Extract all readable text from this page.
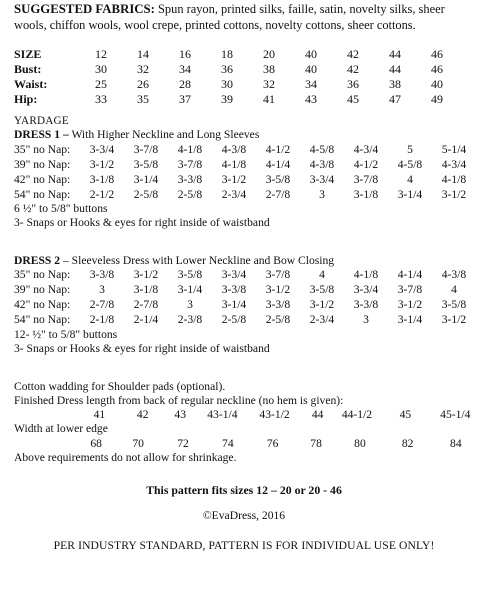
SUGGESTED FABRICS: Spun rayon, printed silks, faille, satin, novelty silks, sheer wools, chiffon wools, wool crepe, printed cottons, novelty cottons, sheer cottons.

SIZE	12	14	16	18	20	40	42	44	46
Bust:	30	32	34	36	38	40	42	44	46
Waist:	25	26	28	30	32	34	36	38	40
Hip:	33	35	37	39	41	43	45	47	49
YARDAGE
DRESS 1 – With Higher Neckline and Long Sleeves
35" no Nap:	3-3/4	3-7/8	4-1/8	4-3/8	4-1/2	4-5/8	4-3/4	5	5-1/4
39" no Nap:	3-1/2	3-5/8	3-7/8	4-1/8	4-1/4	4-3/8	4-1/2	4-5/8	4-3/4
42" no Nap:	3-1/8	3-1/4	3-3/8	3-1/2	3-5/8	3-3/4	3-7/8	4	4-1/8
54" no Nap:	2-1/2	2-5/8	2-5/8	2-3/4	2-7/8	3	3-1/8	3-1/4	3-1/2
6 ½" to 5/8" buttons
3- Snaps or Hooks & eyes for right inside of waistband
DRESS 2 – Sleeveless Dress with Lower Neckline and Bow Closing
35" no Nap:	3-3/8	3-1/2	3-5/8	3-3/4	3-7/8	4	4-1/8	4-1/4	4-3/8
39" no Nap:	3	3-1/8	3-1/4	3-3/8	3-1/2	3-5/8	3-3/4	3-7/8	4
42" no Nap:	2-7/8	2-7/8	3	3-1/4	3-3/8	3-1/2	3-3/8	3-1/2	3-5/8
54" no Nap:	2-1/8	2-1/4	2-3/8	2-5/8	2-5/8	2-3/4	3	3-1/4	3-1/2
12- ½" to 5/8" buttons
3- Snaps or Hooks & eyes for right inside of waistband
Cotton wadding for Shoulder pads (optional).
Finished Dress length from back of regular neckline (no hem is given):
	41	42	43	43-1/4	43-1/2	44	44-1/2	45	45-1/4
Width at lower edge
	68	70	72	74	76	78	80	82	84
Above requirements do not allow for shrinkage.

This pattern fits sizes 12 – 20 or 20 - 46

©EvaDress, 2016

PER INDUSTRY STANDARD, PATTERN IS FOR INDIVIDUAL USE ONLY!
